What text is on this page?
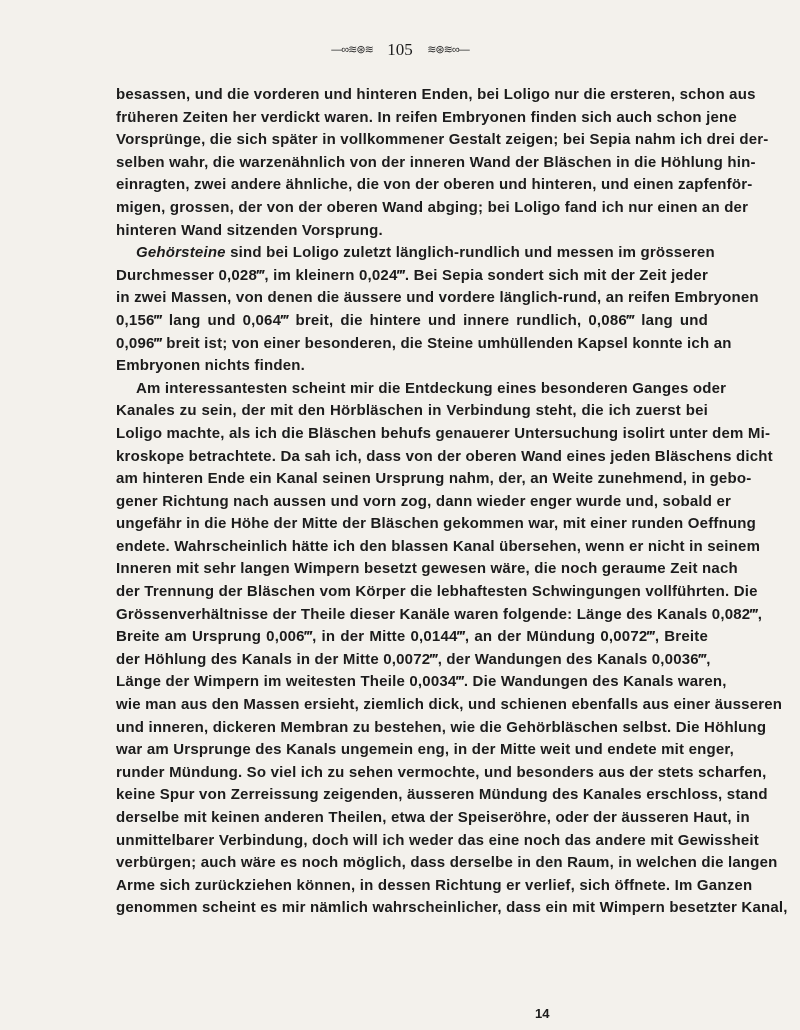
—∞≋⊛≋ 105 ≋⊛≋∞—
besassen, und die vorderen und hinteren Enden, bei Loligo nur die ersteren, schon aus
früheren Zeiten her verdickt waren. In reifen Embryonen finden sich auch schon jene
Vorsprünge, die sich später in vollkommener Gestalt zeigen; bei Sepia nahm ich drei der-
selben wahr, die warzenähnlich von der inneren Wand der Bläschen in die Höhlung hin-
einragten, zwei andere ähnliche, die von der oberen und hinteren, und einen zapfenför-
migen, grossen, der von der oberen Wand abging; bei Loligo fand ich nur einen an der
hinteren Wand sitzenden Vorsprung.
Gehörsteine sind bei Loligo zuletzt länglich-rundlich und messen im grösseren
Durchmesser 0,028‴, im kleinern 0,024‴. Bei Sepia sondert sich mit der Zeit jeder
in zwei Massen, von denen die äussere und vordere länglich-rund, an reifen Embryonen
0,156‴ lang und 0,064‴ breit, die hintere und innere rundlich, 0,086‴ lang und
0,096‴ breit ist; von einer besonderen, die Steine umhüllenden Kapsel konnte ich an
Embryonen nichts finden.
Am interessantesten scheint mir die Entdeckung eines besonderen Ganges oder
Kanales zu sein, der mit den Hörbläschen in Verbindung steht, die ich zuerst bei
Loligo machte, als ich die Bläschen behufs genauerer Untersuchung isolirt unter dem Mi-
kroskope betrachtete. Da sah ich, dass von der oberen Wand eines jeden Bläschens dicht
am hinteren Ende ein Kanal seinen Ursprung nahm, der, an Weite zunehmend, in gebo-
gener Richtung nach aussen und vorn zog, dann wieder enger wurde und, sobald er
ungefähr in die Höhe der Mitte der Bläschen gekommen war, mit einer runden Oeffnung
endete. Wahrscheinlich hätte ich den blassen Kanal übersehen, wenn er nicht in seinem
Inneren mit sehr langen Wimpern besetzt gewesen wäre, die noch geraume Zeit nach
der Trennung der Bläschen vom Körper die lebhaftesten Schwingungen vollführten. Die
Grössenverhältnisse der Theile dieser Kanäle waren folgende: Länge des Kanals 0,082‴,
Breite am Ursprung 0,006‴, in der Mitte 0,0144‴, an der Mündung 0,0072‴, Breite
der Höhlung des Kanals in der Mitte 0,0072‴, der Wandungen des Kanals 0,0036‴,
Länge der Wimpern im weitesten Theile 0,0034‴. Die Wandungen des Kanals waren,
wie man aus den Massen ersieht, ziemlich dick, und schienen ebenfalls aus einer äusseren
und inneren, dickeren Membran zu bestehen, wie die Gehörbläschen selbst. Die Höhlung
war am Ursprunge des Kanals ungemein eng, in der Mitte weit und endete mit enger,
runder Mündung. So viel ich zu sehen vermochte, und besonders aus der stets scharfen,
keine Spur von Zerreissung zeigenden, äusseren Mündung des Kanales erschloss, stand
derselbe mit keinen anderen Theilen, etwa der Speiseröhre, oder der äusseren Haut, in
unmittelbarer Verbindung, doch will ich weder das eine noch das andere mit Gewissheit
verbürgen; auch wäre es noch möglich, dass derselbe in den Raum, in welchen die langen
Arme sich zurückziehen können, in dessen Richtung er verlief, sich öffnete. Im Ganzen
genommen scheint es mir nämlich wahrscheinlicher, dass ein mit Wimpern besetzter Kanal,
14
